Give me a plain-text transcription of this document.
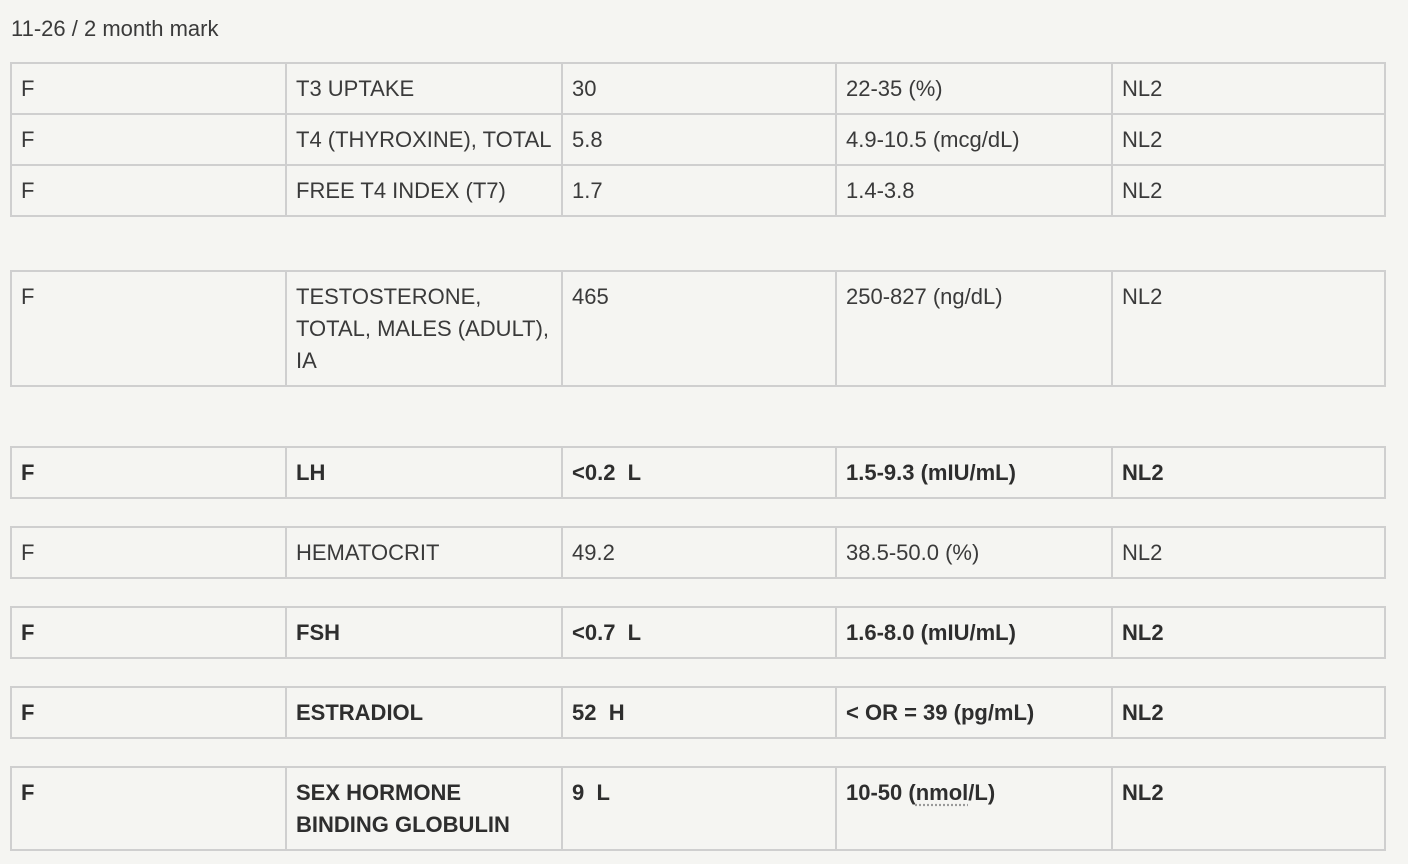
11-26 / 2 month mark
F	T3 UPTAKE	30	22-35 (%)	NL2
F	T4 (THYROXINE), TOTAL	5.8	4.9-10.5 (mcg/dL)	NL2
F	FREE T4 INDEX (T7)	1.7	1.4-3.8	NL2
F	TESTOSTERONE, TOTAL, MALES (ADULT), IA	465	250-827 (ng/dL)	NL2
F	LH	<0.2  L	1.5-9.3 (mIU/mL)	NL2
F	HEMATOCRIT	49.2	38.5-50.0 (%)	NL2
F	FSH	<0.7  L	1.6-8.0 (mIU/mL)	NL2
F	ESTRADIOL	52  H	< OR = 39 (pg/mL)	NL2
F	SEX HORMONE BINDING GLOBULIN	9  L	10-50 (nmol/L)	NL2
